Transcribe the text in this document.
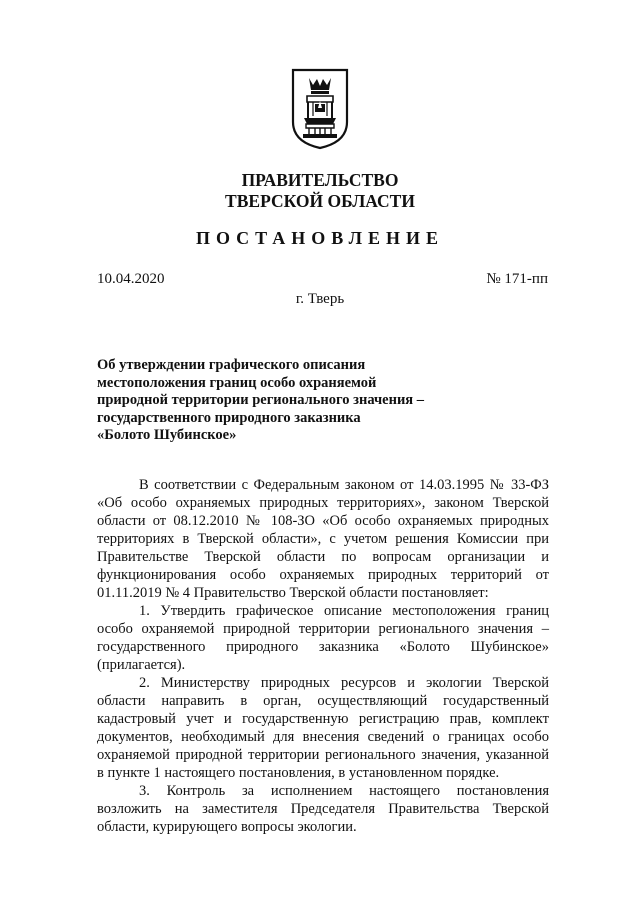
ПРАВИТЕЛЬСТВО
ТВЕРСКОЙ ОБЛАСТИ
ПОСТАНОВЛЕНИЕ
10.04.2020	№ 171-пп
г. Тверь
Об утверждении графического описания
местоположения границ особо охраняемой
природной территории регионального значения –
государственного природного заказника
«Болото Шубинское»

В соответствии с Федеральным законом от 14.03.1995 № 33-ФЗ «Об особо охраняемых природных территориях», законом Тверской области от 08.12.2010 № 108-ЗО «Об особо охраняемых природных территориях в Тверской области», с учетом решения Комиссии при Правительстве Тверской области по вопросам организации и функционирования особо охраняемых природных территорий от 01.11.2019 № 4 Правительство Тверской области постановляет:

1. Утвердить графическое описание местоположения границ особо охраняемой природной территории регионального значения – государственного природного заказника «Болото Шубинское» (прилагается).

2. Министерству природных ресурсов и экологии Тверской области направить в орган, осуществляющий государственный кадастровый учет и государственную регистрацию прав, комплект документов, необходимый для внесения сведений о границах особо охраняемой природной территории регионального значения, указанной в пункте 1 настоящего постановления, в установленном порядке.

3. Контроль за исполнением настоящего постановления возложить на заместителя Председателя Правительства Тверской области, курирующего вопросы экологии.
